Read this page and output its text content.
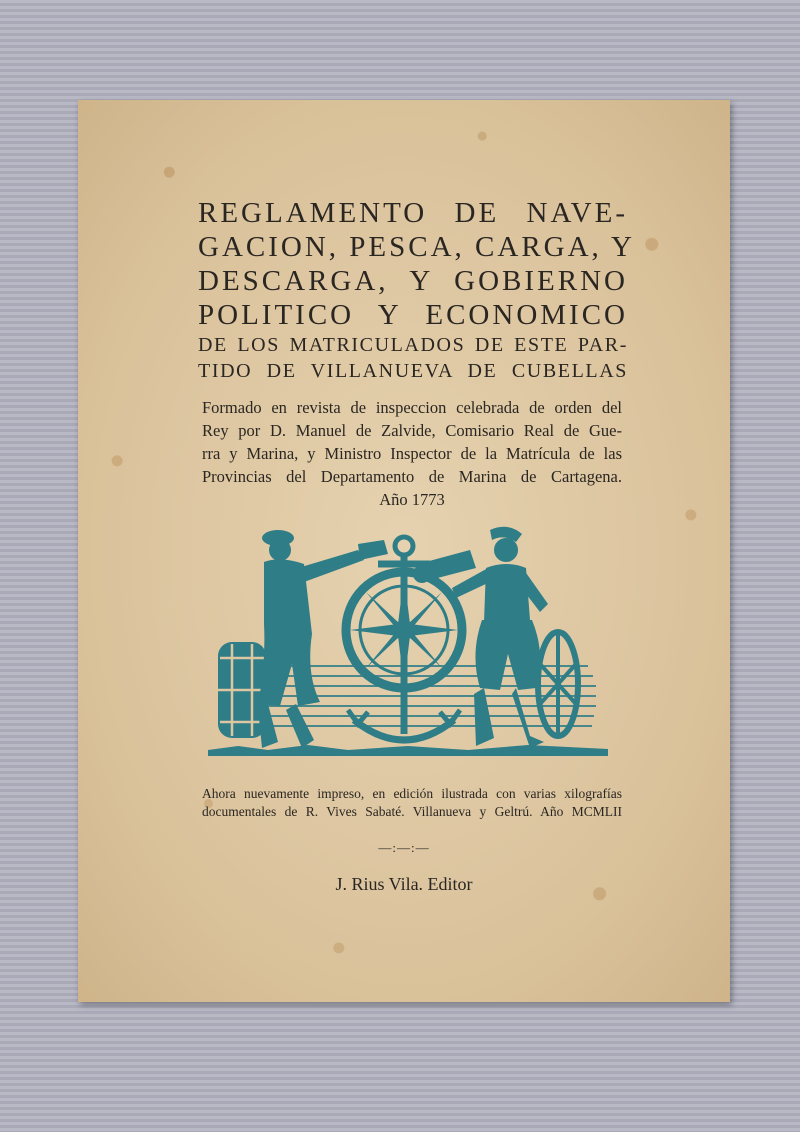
REGLAMENTO DE NAVE-
GACION, PESCA, CARGA, Y
DESCARGA, Y GOBIERNO
POLITICO Y ECONOMICO
DE LOS MATRICULADOS DE ESTE PAR-
TIDO DE VILLANUEVA DE CUBELLAS
Formado en revista de inspeccion celebrada de orden del
Rey por D. Manuel de Zalvide, Comisario Real de Gue-
rra y Marina, y Ministro Inspector de la Matrícula de las
Provincias del Departamento de Marina de Cartagena.
Año 1773
Ahora nuevamente impreso, en edición ilustrada con varias xilografías
documentales de R. Vives Sabaté. Villanueva y Geltrú. Año MCMLII
—:—:—
J. Rius Vila. Editor
